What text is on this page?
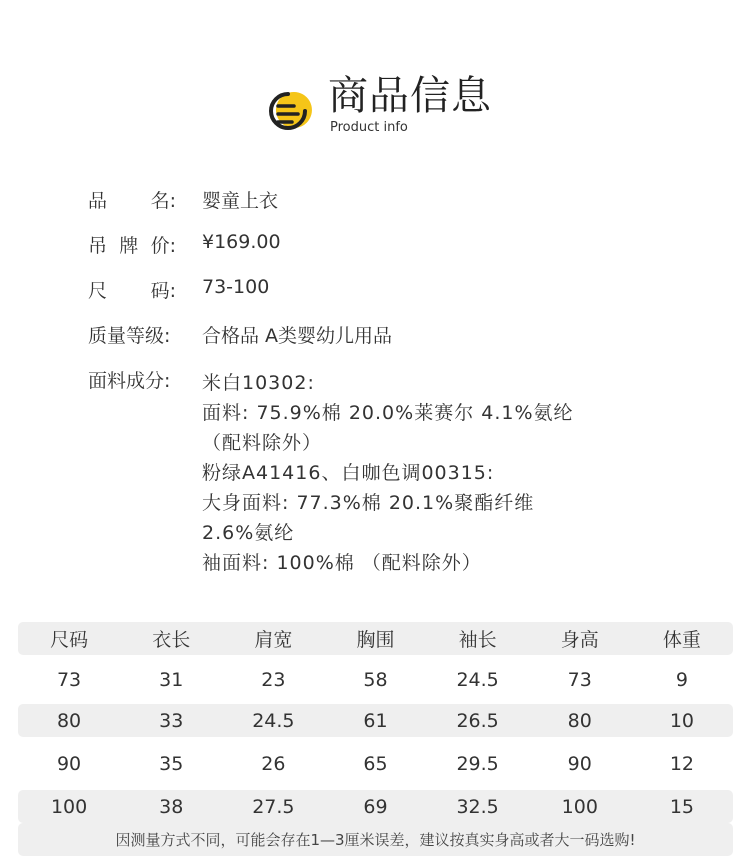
商品信息
Product info
品 名: 婴童上衣
吊 牌 价: ¥169.00
尺 码: 73-100
质量等级: 合格品 A类婴幼儿用品
面料成分: 米白10302:
面料: 75.9%棉 20.0%莱赛尔 4.1%氨纶
（配料除外）
粉绿A41416、白咖色调00315:
大身面料: 77.3%棉 20.1%聚酯纤维
2.6%氨纶
袖面料: 100%棉 （配料除外）
尺码	衣长	肩宽	胸围	袖长	身高	体重
73	31	23	58	24.5	73	9
80	33	24.5	61	26.5	80	10
90	35	26	65	29.5	90	12
100	38	27.5	69	32.5	100	15
因测量方式不同，可能会存在1—3厘米误差，建议按真实身高或者大一码选购!
